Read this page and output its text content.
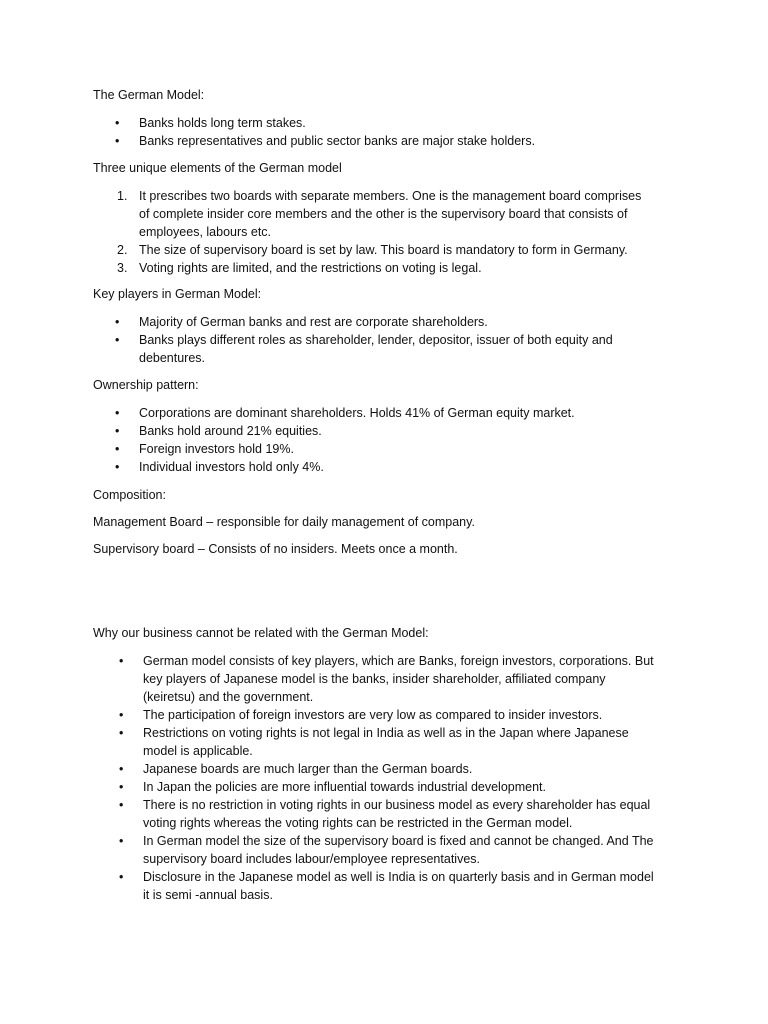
The German Model:

• Banks holds long term stakes.
• Banks representatives and public sector banks are major stake holders.

Three unique elements of the German model

1. It prescribes two boards with separate members. One is the management board comprises
of complete insider core members and the other is the supervisory board that consists of
employees, labours etc.
2. The size of supervisory board is set by law. This board is mandatory to form in Germany.
3. Voting rights are limited, and the restrictions on voting is legal.

Key players in German Model:

• Majority of German banks and rest are corporate shareholders.
• Banks plays different roles as shareholder, lender, depositor, issuer of both equity and
debentures.

Ownership pattern:

• Corporations are dominant shareholders. Holds 41% of German equity market.
• Banks hold around 21% equities.
• Foreign investors hold 19%.
• Individual investors hold only 4%.

Composition:

Management Board – responsible for daily management of company.

Supervisory board – Consists of no insiders. Meets once a month.

Why our business cannot be related with the German Model:

• German model consists of key players, which are Banks, foreign investors, corporations. But
key players of Japanese model is the banks, insider shareholder, affiliated company
(keiretsu) and the government.
• The participation of foreign investors are very low as compared to insider investors.
• Restrictions on voting rights is not legal in India as well as in the Japan where Japanese
model is applicable.
• Japanese boards are much larger than the German boards.
• In Japan the policies are more influential towards industrial development.
• There is no restriction in voting rights in our business model as every shareholder has equal
voting rights whereas the voting rights can be restricted in the German model.
• In German model the size of the supervisory board is fixed and cannot be changed. And The
supervisory board includes labour/employee representatives.
• Disclosure in the Japanese model as well is India is on quarterly basis and in German model
it is semi -annual basis.
